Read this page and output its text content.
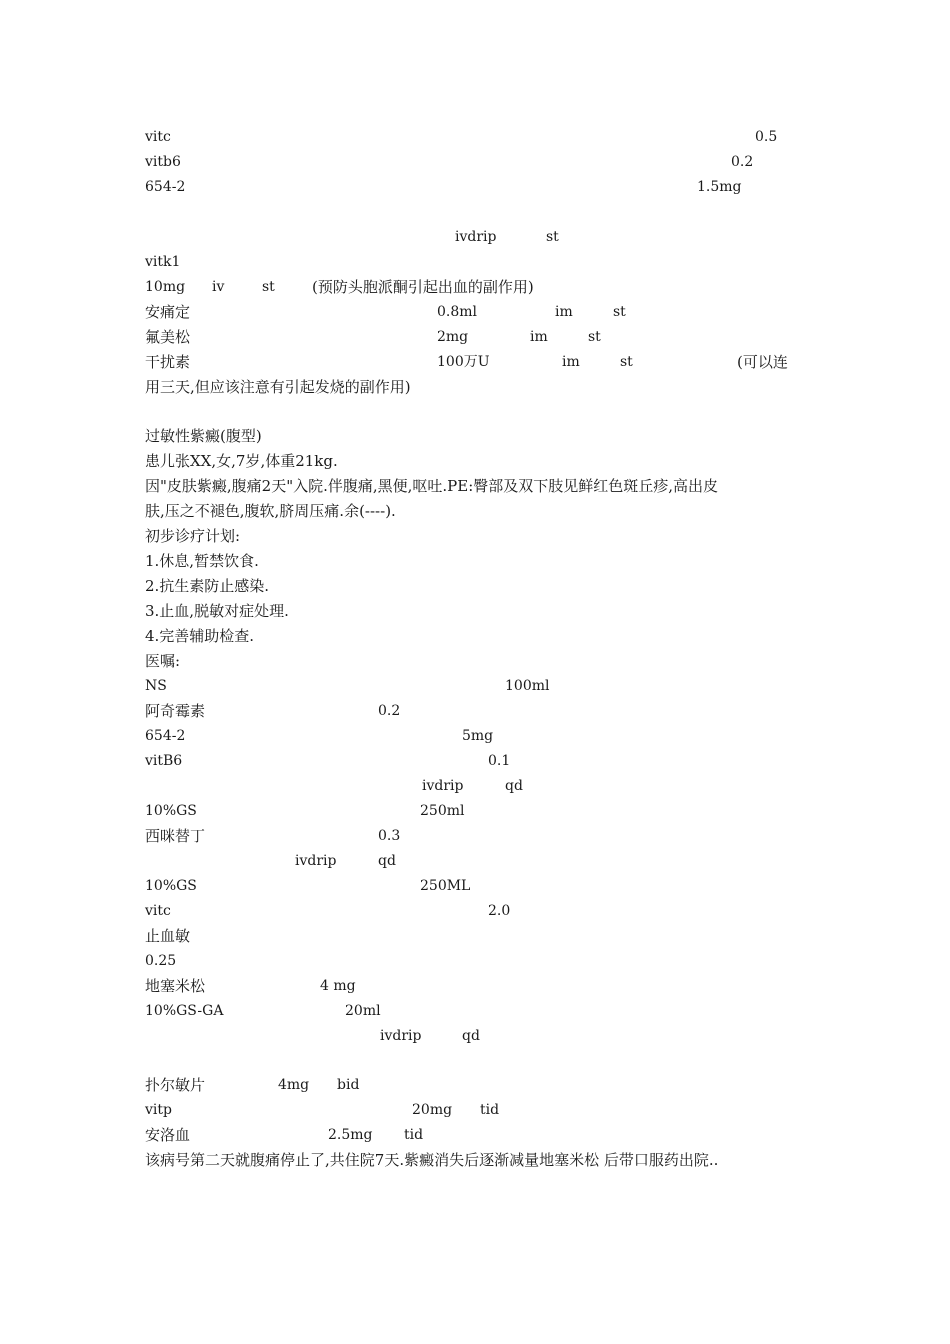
vitc	0.5
vitb6	0.2
654-2	1.5mg
ivdrip	st
vitk1
10mg iv	st (预防头胞派酮引起出血的副作用)
安痛定	0.8ml	im	st
氟美松	2mg	im	st
干扰素	100万U	im	st	(可以连
用三天,但应该注意有引起发烧的副作用)
过敏性紫癜(腹型)
患儿张XX,女,7岁,体重21kg.
因"皮肤紫癜,腹痛2天"入院.伴腹痛,黑便,呕吐.PE:臀部及双下肢见鲜红色斑丘疹,高出皮
肤,压之不褪色,腹软,脐周压痛.余(----).
初步诊疗计划:
1.休息,暂禁饮食.
2.抗生素防止感染.
3.止血,脱敏对症处理.
4.完善辅助检查.
医嘱:
NS	100ml
阿奇霉素	0.2
654-2	5mg
vitB6	0.1
ivdrip	qd
10%GS	250ml
西咪替丁	0.3
ivdrip	qd
10%GS	250ML
vitc	2.0
止血敏
0.25
地塞米松	4 mg
10%GS-GA	20ml
ivdrip	qd
扑尔敏片	4mg bid
vitp	20mg tid
安洛血	2.5mg tid
该病号第二天就腹痛停止了,共住院7天.紫癜消失后逐渐减量地塞米松 后带口服药出院..
